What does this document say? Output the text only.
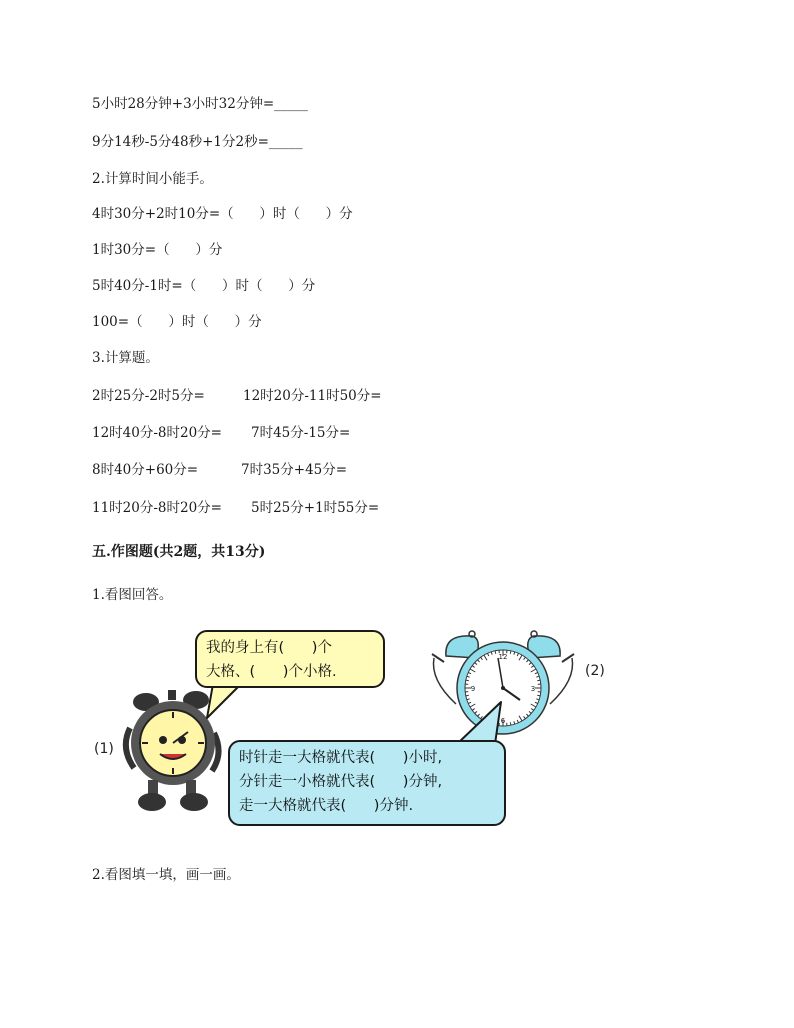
5小时28分钟+3小时32分钟=_____
9分14秒-5分48秒+1分2秒=_____
2.计算时间小能手。
4时30分+2时10分=（      ）时（      ）分
1时30分=（      ）分
5时40分-1时=（      ）时（      ）分
100=（      ）时（      ）分
3.计算题。
2时25分-2时5分=	12时20分-11时50分=
12时40分-8时20分= 7时45分-15分=
8时40分+60分=	7时35分+45分=
11时20分-8时20分= 5时25分+1时55分=
五.作图题(共2题，共13分)
1.看图回答。
(1)
(2)
我的身上有(      )个
大格、(      )个小格.
12
3
6
9
时针走一大格就代表(      )小时,
分针走一小格就代表(      )分钟,
走一大格就代表(      )分钟.
2.看图填一填，画一画。
